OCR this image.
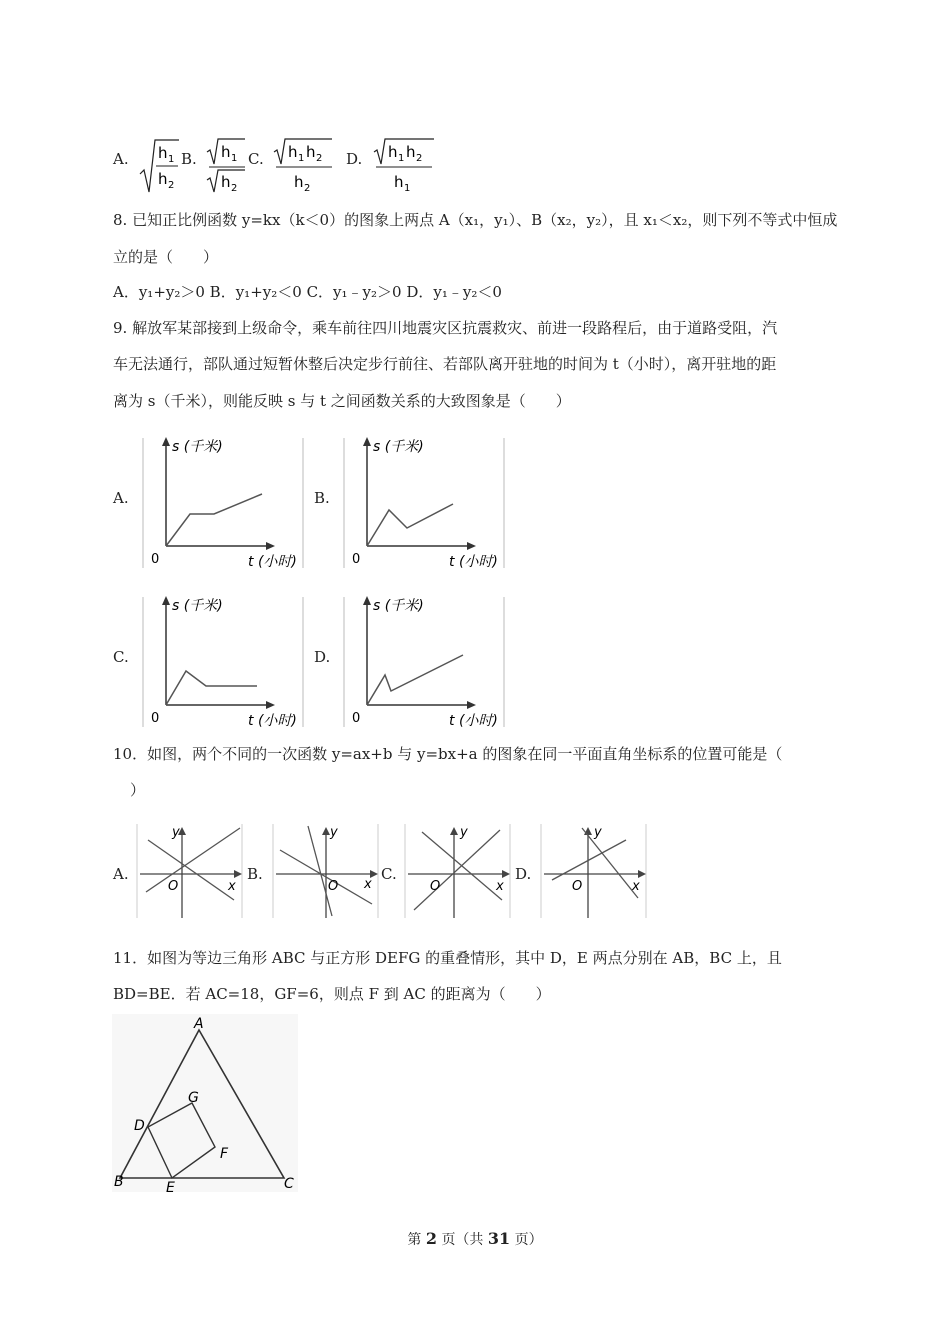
A. h 1
h 2
B. h 1
h 2
C. h 1 h 2
h 2
D. h 1 h 2
h 1
8. 已知正比例函数 y=kx（k＜0）的图象上两点 A（x₁，y₁）、B（x₂，y₂），且 x₁＜x₂，则下列不等式中恒成
立的是（　　）
A．y₁+y₂＞0 B．y₁+y₂＜0 C．y₁﹣y₂＞0 D．y₁﹣y₂＜0
9. 解放军某部接到上级命令，乘车前往四川地震灾区抗震救灾、前进一段路程后，由于道路受阻，汽
车无法通行，部队通过短暂休整后决定步行前往、若部队离开驻地的时间为 t（小时），离开驻地的距
离为 s（千米），则能反映 s 与 t 之间函数关系的大致图象是（　　）
A.
s (千米)
t (小时)
0
B.
s (千米)
t (小时)
0
C.
s (千米)
t (小时)
0
D.
s (千米)
t (小时)
0
10．如图，两个不同的一次函数 y=ax+b 与 y=bx+a 的图象在同一平面直角坐标系的位置可能是（
）
A.
y
x
O
B.
y
x
O
C.
y
x
O
D.
y
x
O
11．如图为等边三角形 ABC 与正方形 DEFG 的重叠情形，其中 D，E 两点分别在 AB，BC 上，且
BD=BE．若 AC=18，GF=6，则点 F 到 AC 的距离为（　　）
A
B	C
D
E
F
G
第 2 页（共 31 页）
